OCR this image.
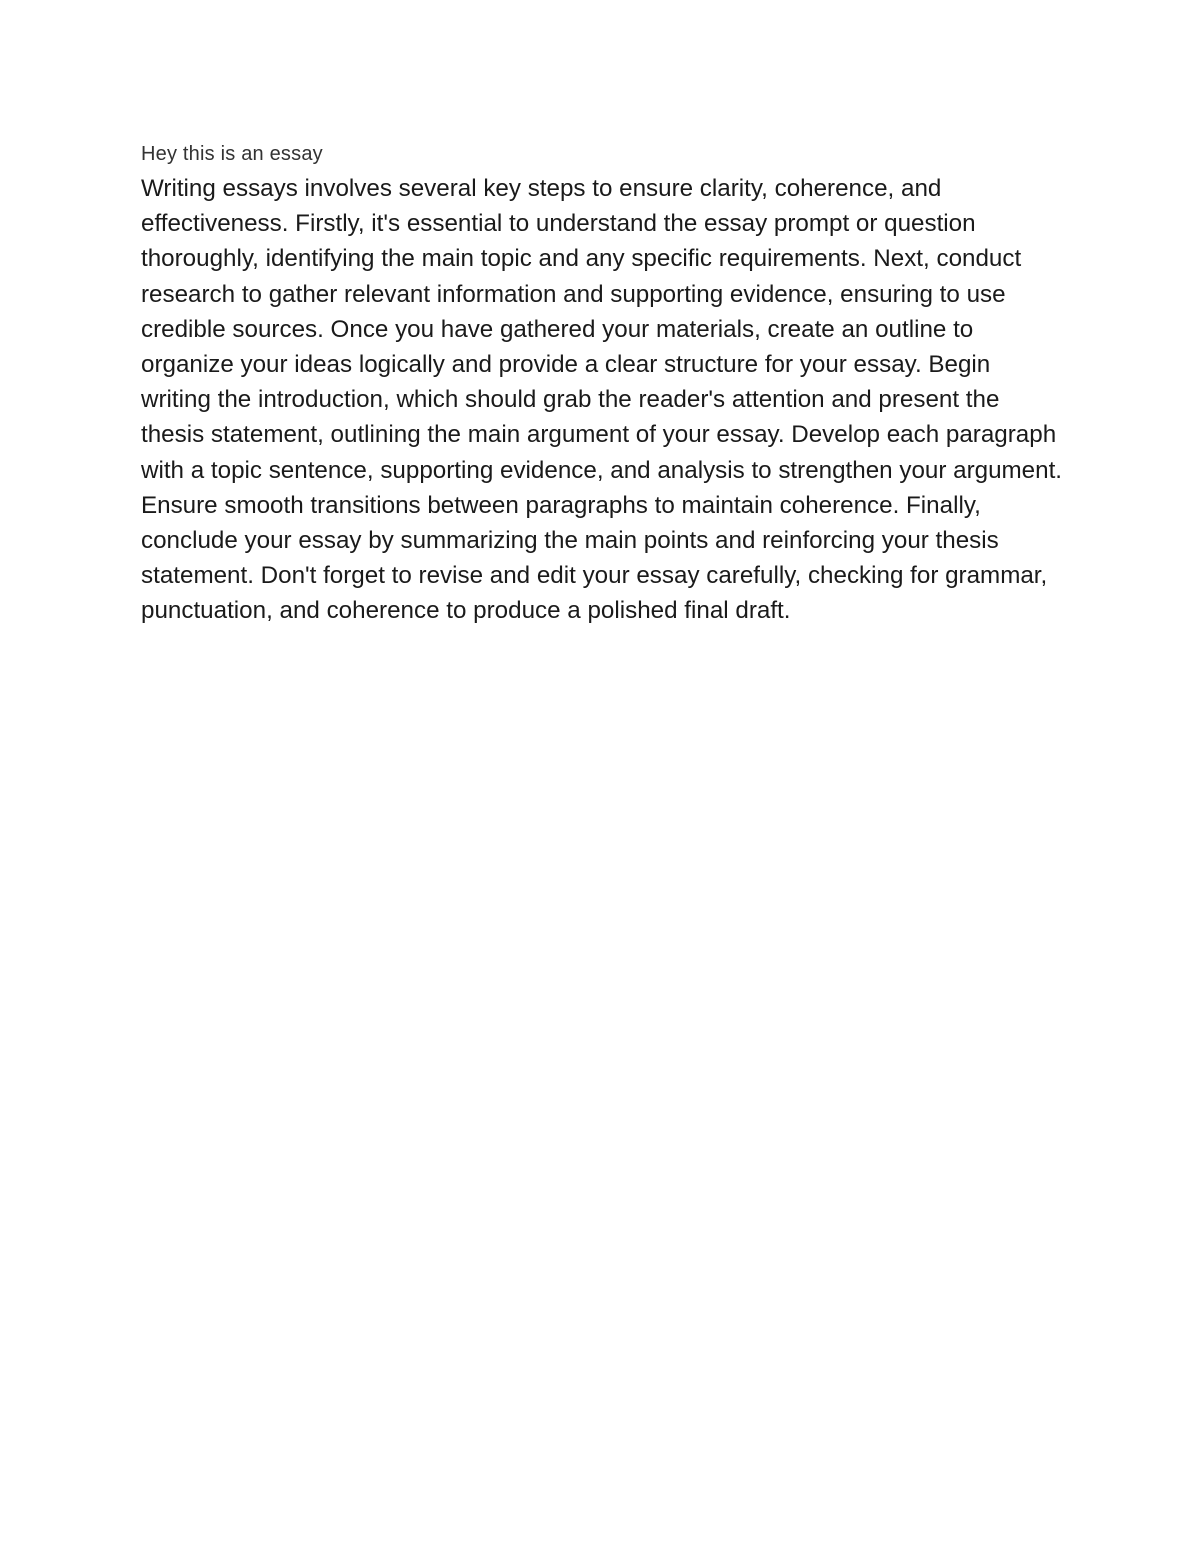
Hey this is an essay

Writing essays involves several key steps to ensure clarity, coherence, and effectiveness. Firstly, it's essential to understand the essay prompt or question thoroughly, identifying the main topic and any specific requirements. Next, conduct research to gather relevant information and supporting evidence, ensuring to use credible sources. Once you have gathered your materials, create an outline to organize your ideas logically and provide a clear structure for your essay. Begin writing the introduction, which should grab the reader's attention and present the thesis statement, outlining the main argument of your essay. Develop each paragraph with a topic sentence, supporting evidence, and analysis to strengthen your argument. Ensure smooth transitions between paragraphs to maintain coherence. Finally, conclude your essay by summarizing the main points and reinforcing your thesis statement. Don't forget to revise and edit your essay carefully, checking for grammar, punctuation, and coherence to produce a polished final draft.
